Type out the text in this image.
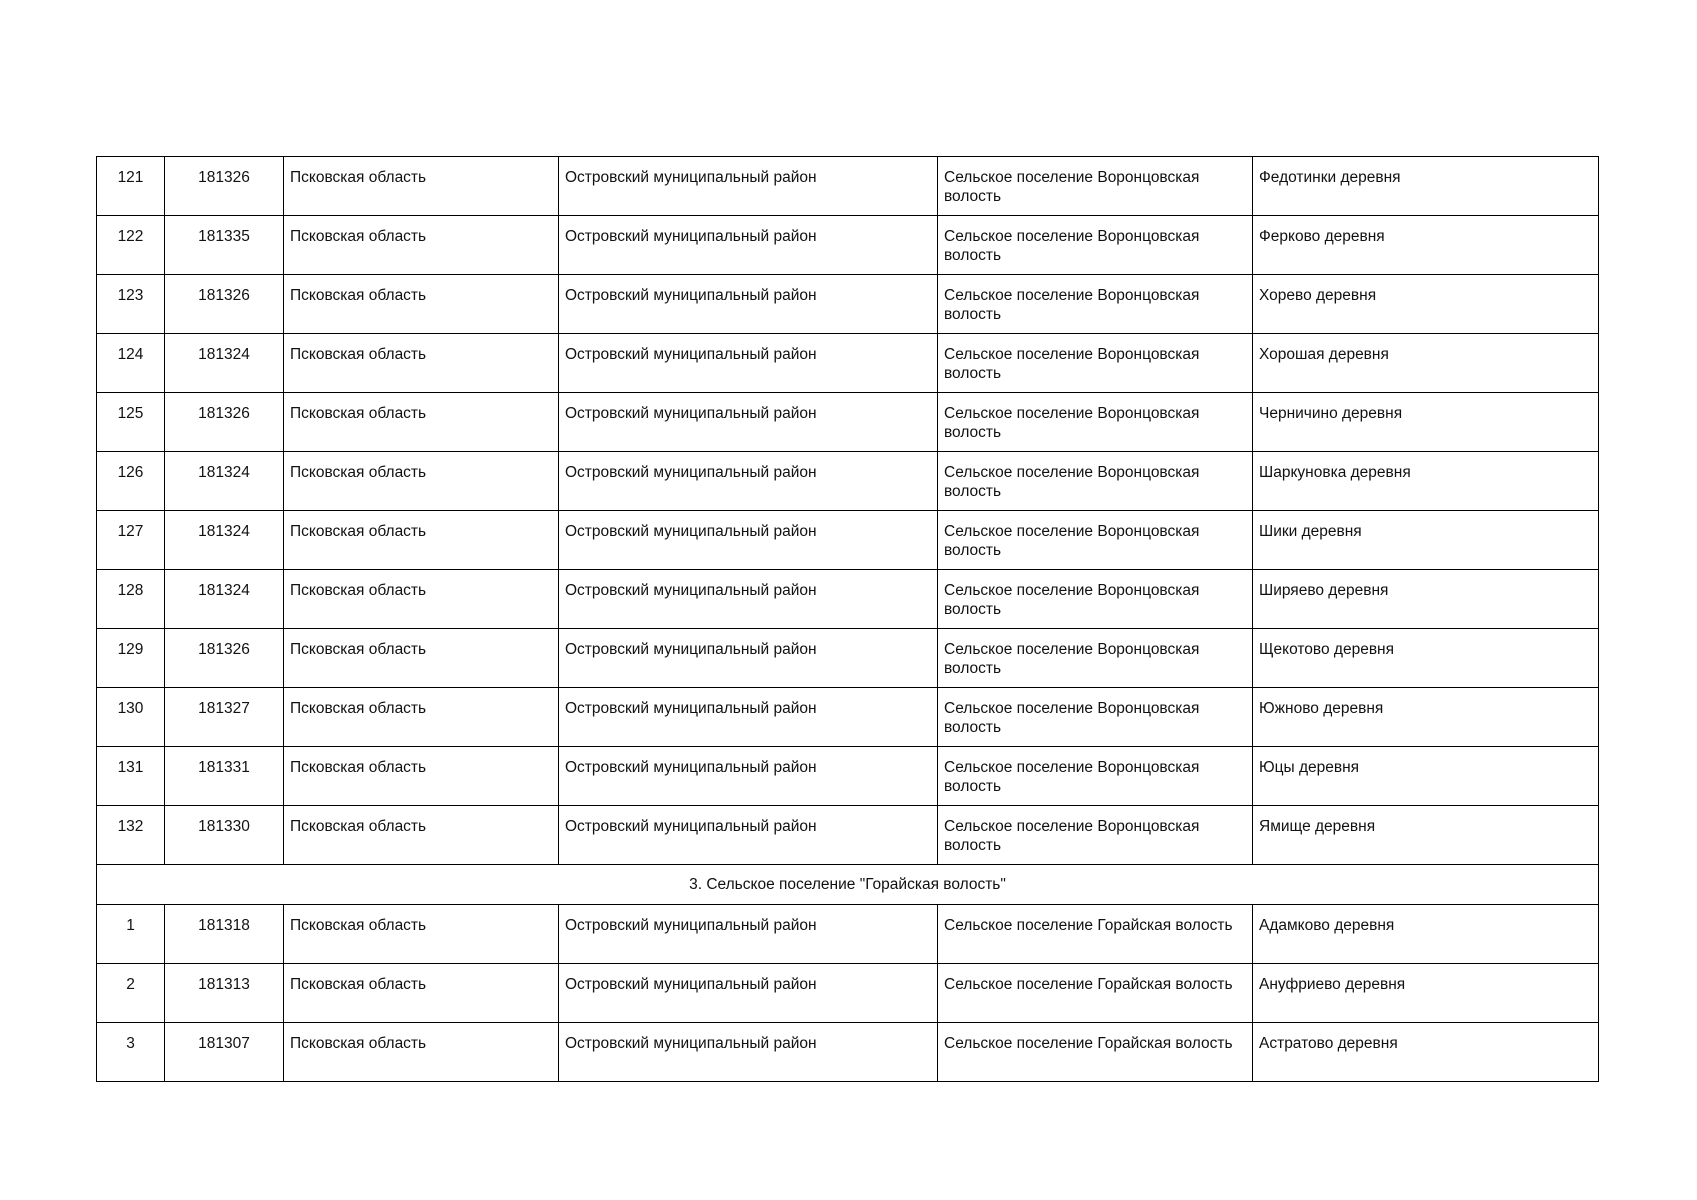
121	181326	Псковская область	Островский муниципальный район	Сельское поселение Воронцовская волость	Федотинки деревня

122	181335	Псковская область	Островский муниципальный район	Сельское поселение Воронцовская волость	Ферково деревня

123	181326	Псковская область	Островский муниципальный район	Сельское поселение Воронцовская волость	Хорево деревня

124	181324	Псковская область	Островский муниципальный район	Сельское поселение Воронцовская волость	Хорошая деревня

125	181326	Псковская область	Островский муниципальный район	Сельское поселение Воронцовская волость	Черничино деревня

126	181324	Псковская область	Островский муниципальный район	Сельское поселение Воронцовская волость	Шаркуновка деревня

127	181324	Псковская область	Островский муниципальный район	Сельское поселение Воронцовская волость	Шики деревня

128	181324	Псковская область	Островский муниципальный район	Сельское поселение Воронцовская волость	Ширяево деревня

129	181326	Псковская область	Островский муниципальный район	Сельское поселение Воронцовская волость	Щекотово деревня

130	181327	Псковская область	Островский муниципальный район	Сельское поселение Воронцовская волость	Южново деревня

131	181331	Псковская область	Островский муниципальный район	Сельское поселение Воронцовская волость	Юцы деревня

132	181330	Псковская область	Островский муниципальный район	Сельское поселение Воронцовская волость	Ямище деревня

3. Сельское поселение "Горайская волость"					

1	181318	Псковская область	Островский муниципальный район	Сельское поселение Горайская волость	Адамково деревня

2	181313	Псковская область	Островский муниципальный район	Сельское поселение Горайская волость	Ануфриево деревня

3	181307	Псковская область	Островский муниципальный район	Сельское поселение Горайская волость	Астратово деревня
